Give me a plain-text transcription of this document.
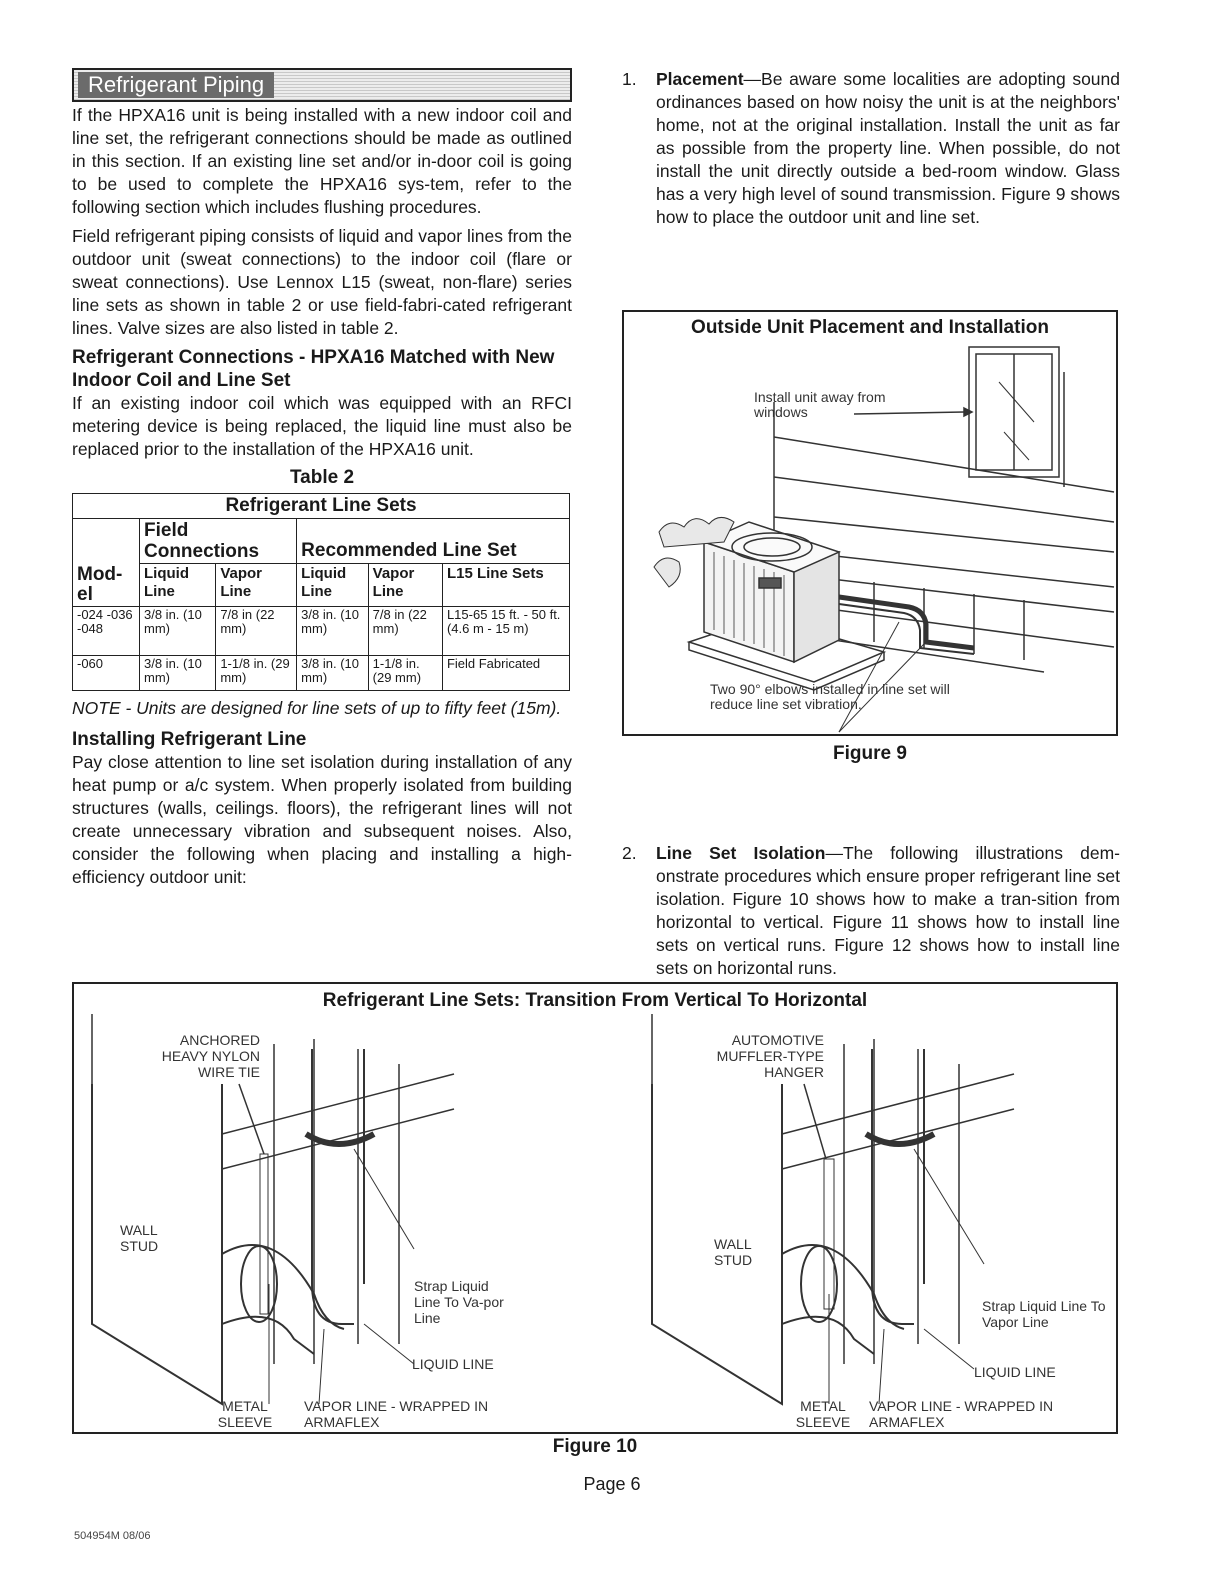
Refrigerant Piping

If the HPXA16 unit is being installed with a new indoor coil and line set, the refrigerant connections should be made as outlined in this section. If an existing line set and/or in-door coil is going to be used to complete the HPXA16 sys-tem, refer to the following section which includes flushing procedures.

Field refrigerant piping consists of liquid and vapor lines from the outdoor unit (sweat connections) to the indoor coil (flare or sweat connections). Use Lennox L15 (sweat, non-flare) series line sets as shown in table 2 or use field-fabri-cated refrigerant lines. Valve sizes are also listed in table 2.

Refrigerant Connections - HPXA16 Matched with New Indoor Coil and Line Set

If an existing indoor coil which was equipped with an RFCI metering device is being replaced, the liquid line must also be replaced prior to the installation of the HPXA16 unit.

Table 2

Refrigerant Line Sets					
	Field Connections		Recommended Line Set		
Mod-el	Liquid Line	Vapor Line	Liquid Line	Vapor Line	L15 Line Sets
-024 -036 -048	3/8 in. (10 mm)	7/8 in (22 mm)	3/8 in. (10 mm)	7/8 in (22 mm)	L15-65 15 ft. - 50 ft. (4.6 m - 15 m)
-060	3/8 in. (10 mm)	1-1/8 in. (29 mm)	3/8 in. (10 mm)	1-1/8 in. (29 mm)	Field Fabricated

NOTE - Units are designed for line sets of up to fifty feet (15m).

Installing Refrigerant Line

Pay close attention to line set isolation during installation of any heat pump or a/c system. When properly isolated from building structures (walls, ceilings. floors), the refrigerant lines will not create unnecessary vibration and subsequent noises. Also, consider the following when placing and installing a high-efficiency outdoor unit:

1.	Placement—Be aware some localities are adopting sound ordinances based on how noisy the unit is at the neighbors' home, not at the original installation. Install the unit as far as possible from the property line. When possible, do not install the unit directly outside a bed-room window. Glass has a very high level of sound transmission. Figure 9 shows how to place the outdoor unit and line set.

Outside Unit Placement and Installation
Install unit away from windows
Two 90° elbows installed in line set will reduce line set vibration.
Figure 9
2.	Line Set Isolation—The following illustrations dem-onstrate procedures which ensure proper refrigerant line set isolation. Figure 10 shows how to make a tran-sition from horizontal to vertical. Figure 11 shows how to install line sets on vertical runs. Figure 12 shows how to install line sets on horizontal runs.

Refrigerant Line Sets: Transition From Vertical To Horizontal
ANCHORED HEAVY NYLON WIRE TIE
WALL STUD
Strap Liquid Line To Va-por Line
LIQUID LINE
METAL SLEEVE
VAPOR LINE - WRAPPED IN ARMAFLEX
AUTOMOTIVE MUFFLER-TYPE HANGER
WALL STUD
Strap Liquid Line To Vapor Line
LIQUID LINE
METAL SLEEVE
VAPOR LINE - WRAPPED IN ARMAFLEX
Figure 10
Page 6
504954M 08/06
